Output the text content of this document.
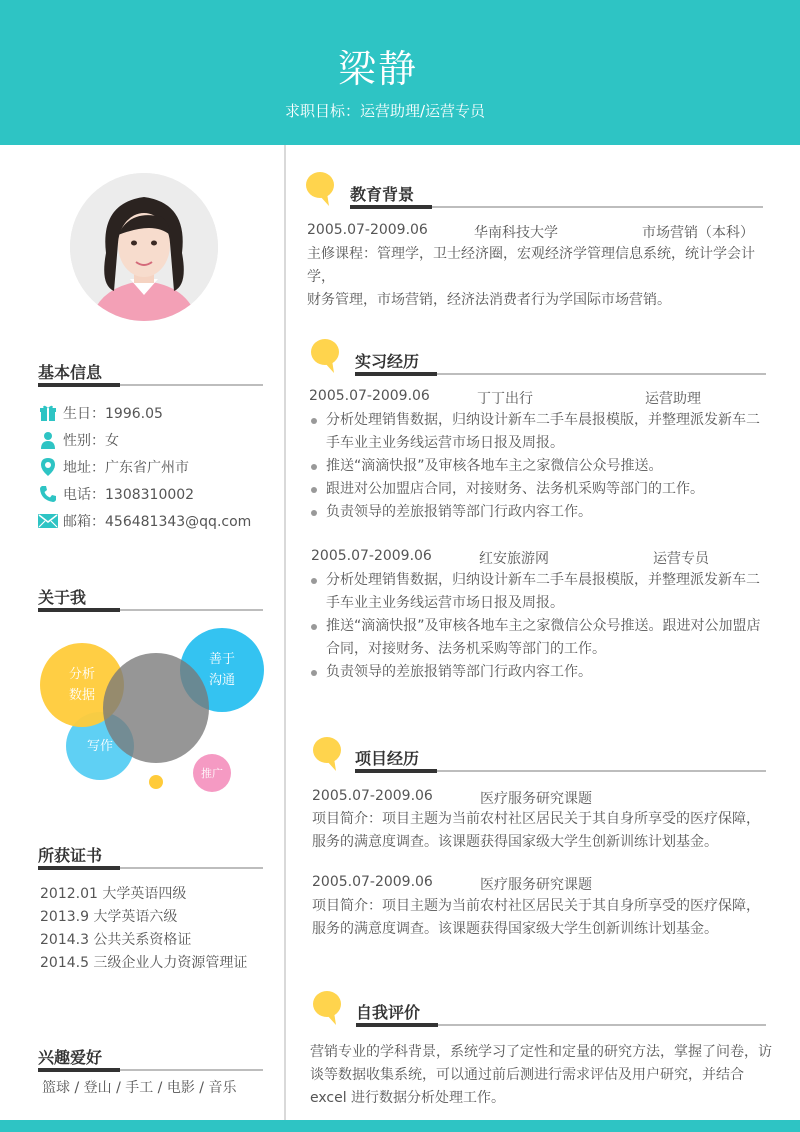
梁静
求职目标：运营助理/运营专员
基本信息
生日：1996.05
性别：女
地址：广东省广州市
电话：1308310002
邮箱：456481343@qq.com
关于我
写作
善于
沟通
分析
数据
推广
所获证书
2012.01 大学英语四级
2013.9 大学英语六级
2014.3 公共关系资格证
2014.5 三级企业人力资源管理证
兴趣爱好
篮球 / 登山 / 手工 / 电影 / 音乐
教育背景
2005.07-2009.06	华南科技大学	市场营销（本科）
主修课程：管理学，卫士经济圈，宏观经济学管理信息系统，统计学会计学，
财务管理，市场营销，经济法消费者行为学国际市场营销。
实习经历
2005.07-2009.06	丁丁出行	运营助理
分析处理销售数据，归纳设计新车二手车晨报模版，并整理派发新车二手车业主业务线运营市场日报及周报。
推送“滴滴快报”及审核各地车主之家微信公众号推送。
跟进对公加盟店合同，对接财务、法务机采购等部门的工作。
负责领导的差旅报销等部门行政内容工作。
2005.07-2009.06	红安旅游网	运营专员
分析处理销售数据，归纳设计新车二手车晨报模版，并整理派发新车二手车业主业务线运营市场日报及周报。
推送“滴滴快报”及审核各地车主之家微信公众号推送。跟进对公加盟店合同，对接财务、法务机采购等部门的工作。
负责领导的差旅报销等部门行政内容工作。
项目经历
2005.07-2009.06	医疗服务研究课题
项目简介：项目主题为当前农村社区居民关于其自身所享受的医疗保障，服务的满意度调查。该课题获得国家级大学生创新训练计划基金。
2005.07-2009.06	医疗服务研究课题
项目简介：项目主题为当前农村社区居民关于其自身所享受的医疗保障，服务的满意度调查。该课题获得国家级大学生创新训练计划基金。
自我评价
营销专业的学科背景，系统学习了定性和定量的研究方法，掌握了问卷，访谈等数据收集系统，可以通过前后测进行需求评估及用户研究，并结合 excel 进行数据分析处理工作。
